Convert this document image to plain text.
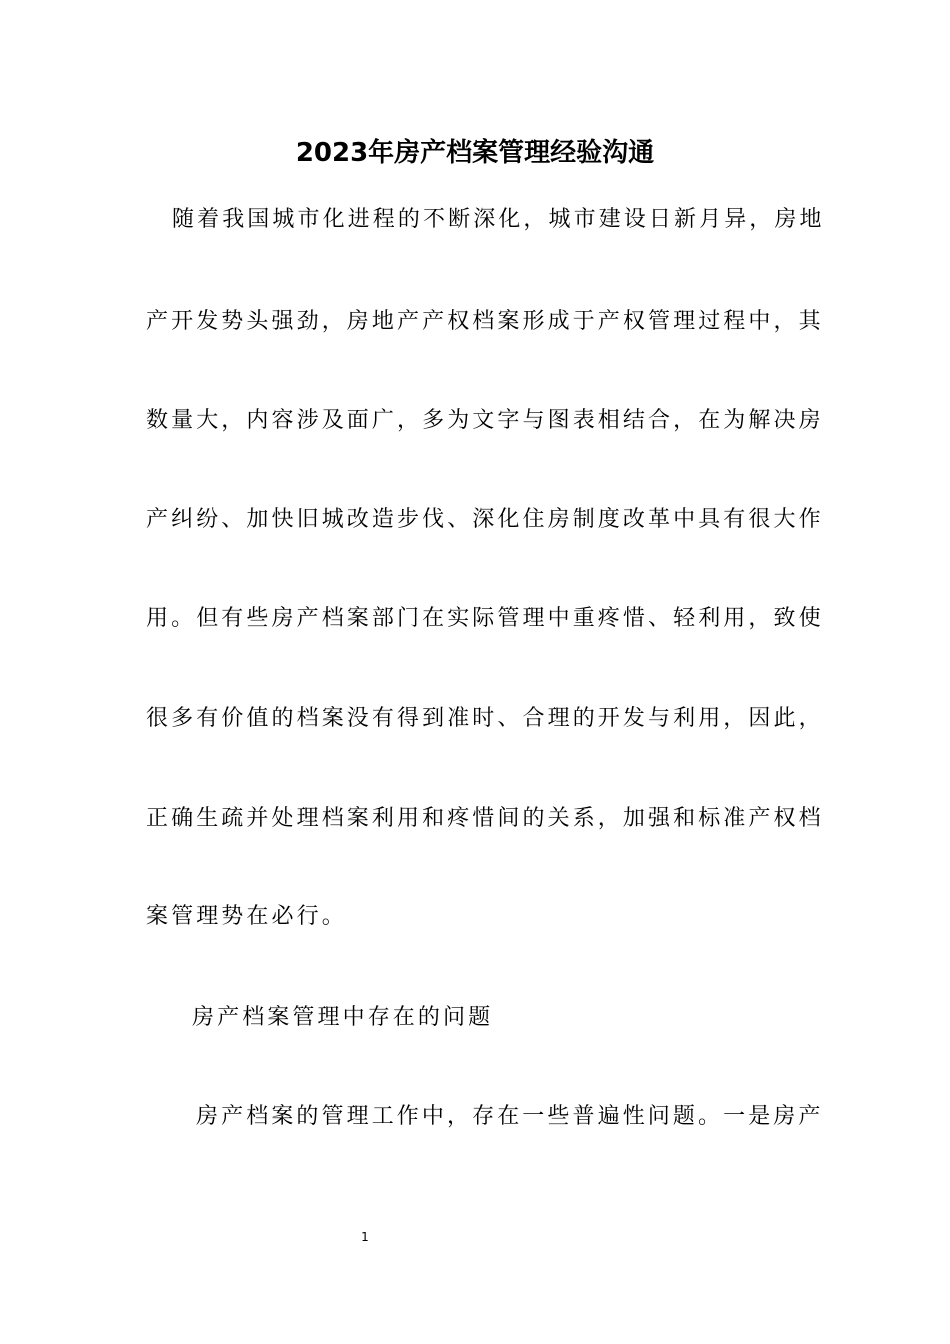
2023年房产档案管理经验沟通
随着我国城市化进程的不断深化，城市建设日新月异，房地
产开发势头强劲，房地产产权档案形成于产权管理过程中，其
数量大，内容涉及面广，多为文字与图表相结合，在为解决房
产纠纷、加快旧城改造步伐、深化住房制度改革中具有很大作
用。但有些房产档案部门在实际管理中重疼惜、轻利用，致使
很多有价值的档案没有得到准时、合理的开发与利用，因此，
正确生疏并处理档案利用和疼惜间的关系，加强和标准产权档
案管理势在必行。
房产档案管理中存在的问题
房产档案的管理工作中，存在一些普遍性问题。一是房产
1
